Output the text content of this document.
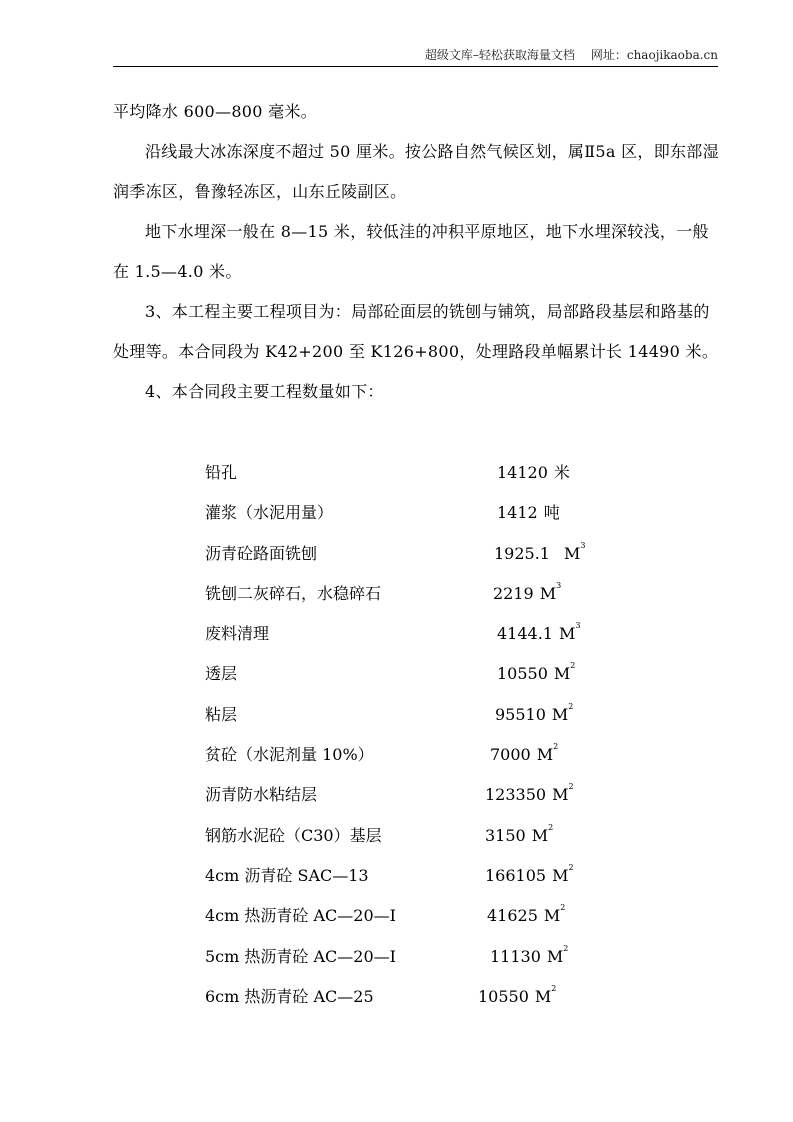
超级文库–轻松获取海量文档 网址：chaojikaoba.cn

平均降水 600—800 毫米。

沿线最大冰冻深度不超过 50 厘米。按公路自然气候区划，属Ⅱ5a 区，即东部湿润季冻区，鲁豫轻冻区，山东丘陵副区。

地下水埋深一般在 8—15 米，较低洼的冲积平原地区，地下水埋深较浅，一般在 1.5—4.0 米。

3、本工程主要工程项目为：局部砼面层的铣刨与铺筑，局部路段基层和路基的处理等。本合同段为 K42+200 至 K126+800，处理路段单幅累计长 14490 米。

4、本合同段主要工程数量如下：

铅孔	14120 米
灌浆（水泥用量）	1412 吨
沥青砼路面铣刨	1925.1 $M^3$
铣刨二灰碎石，水稳碎石	2219 $M^3$
废料清理	4144.1 $M^3$
透层	10550 $M^2$
粘层	95510 $M^2$
贫砼（水泥剂量 10%）	7000 $M^2$
沥青防水粘结层	123350 $M^2$
钢筋水泥砼（C30）基层	3150 $M^2$
4cm 沥青砼 SAC—13	166105 $M^2$
4cm 热沥青砼 AC—20—I	41625 $M^2$
5cm 热沥青砼 AC—20—I	11130 $M^2$
6cm 热沥青砼 AC—25	10550 $M^2$
